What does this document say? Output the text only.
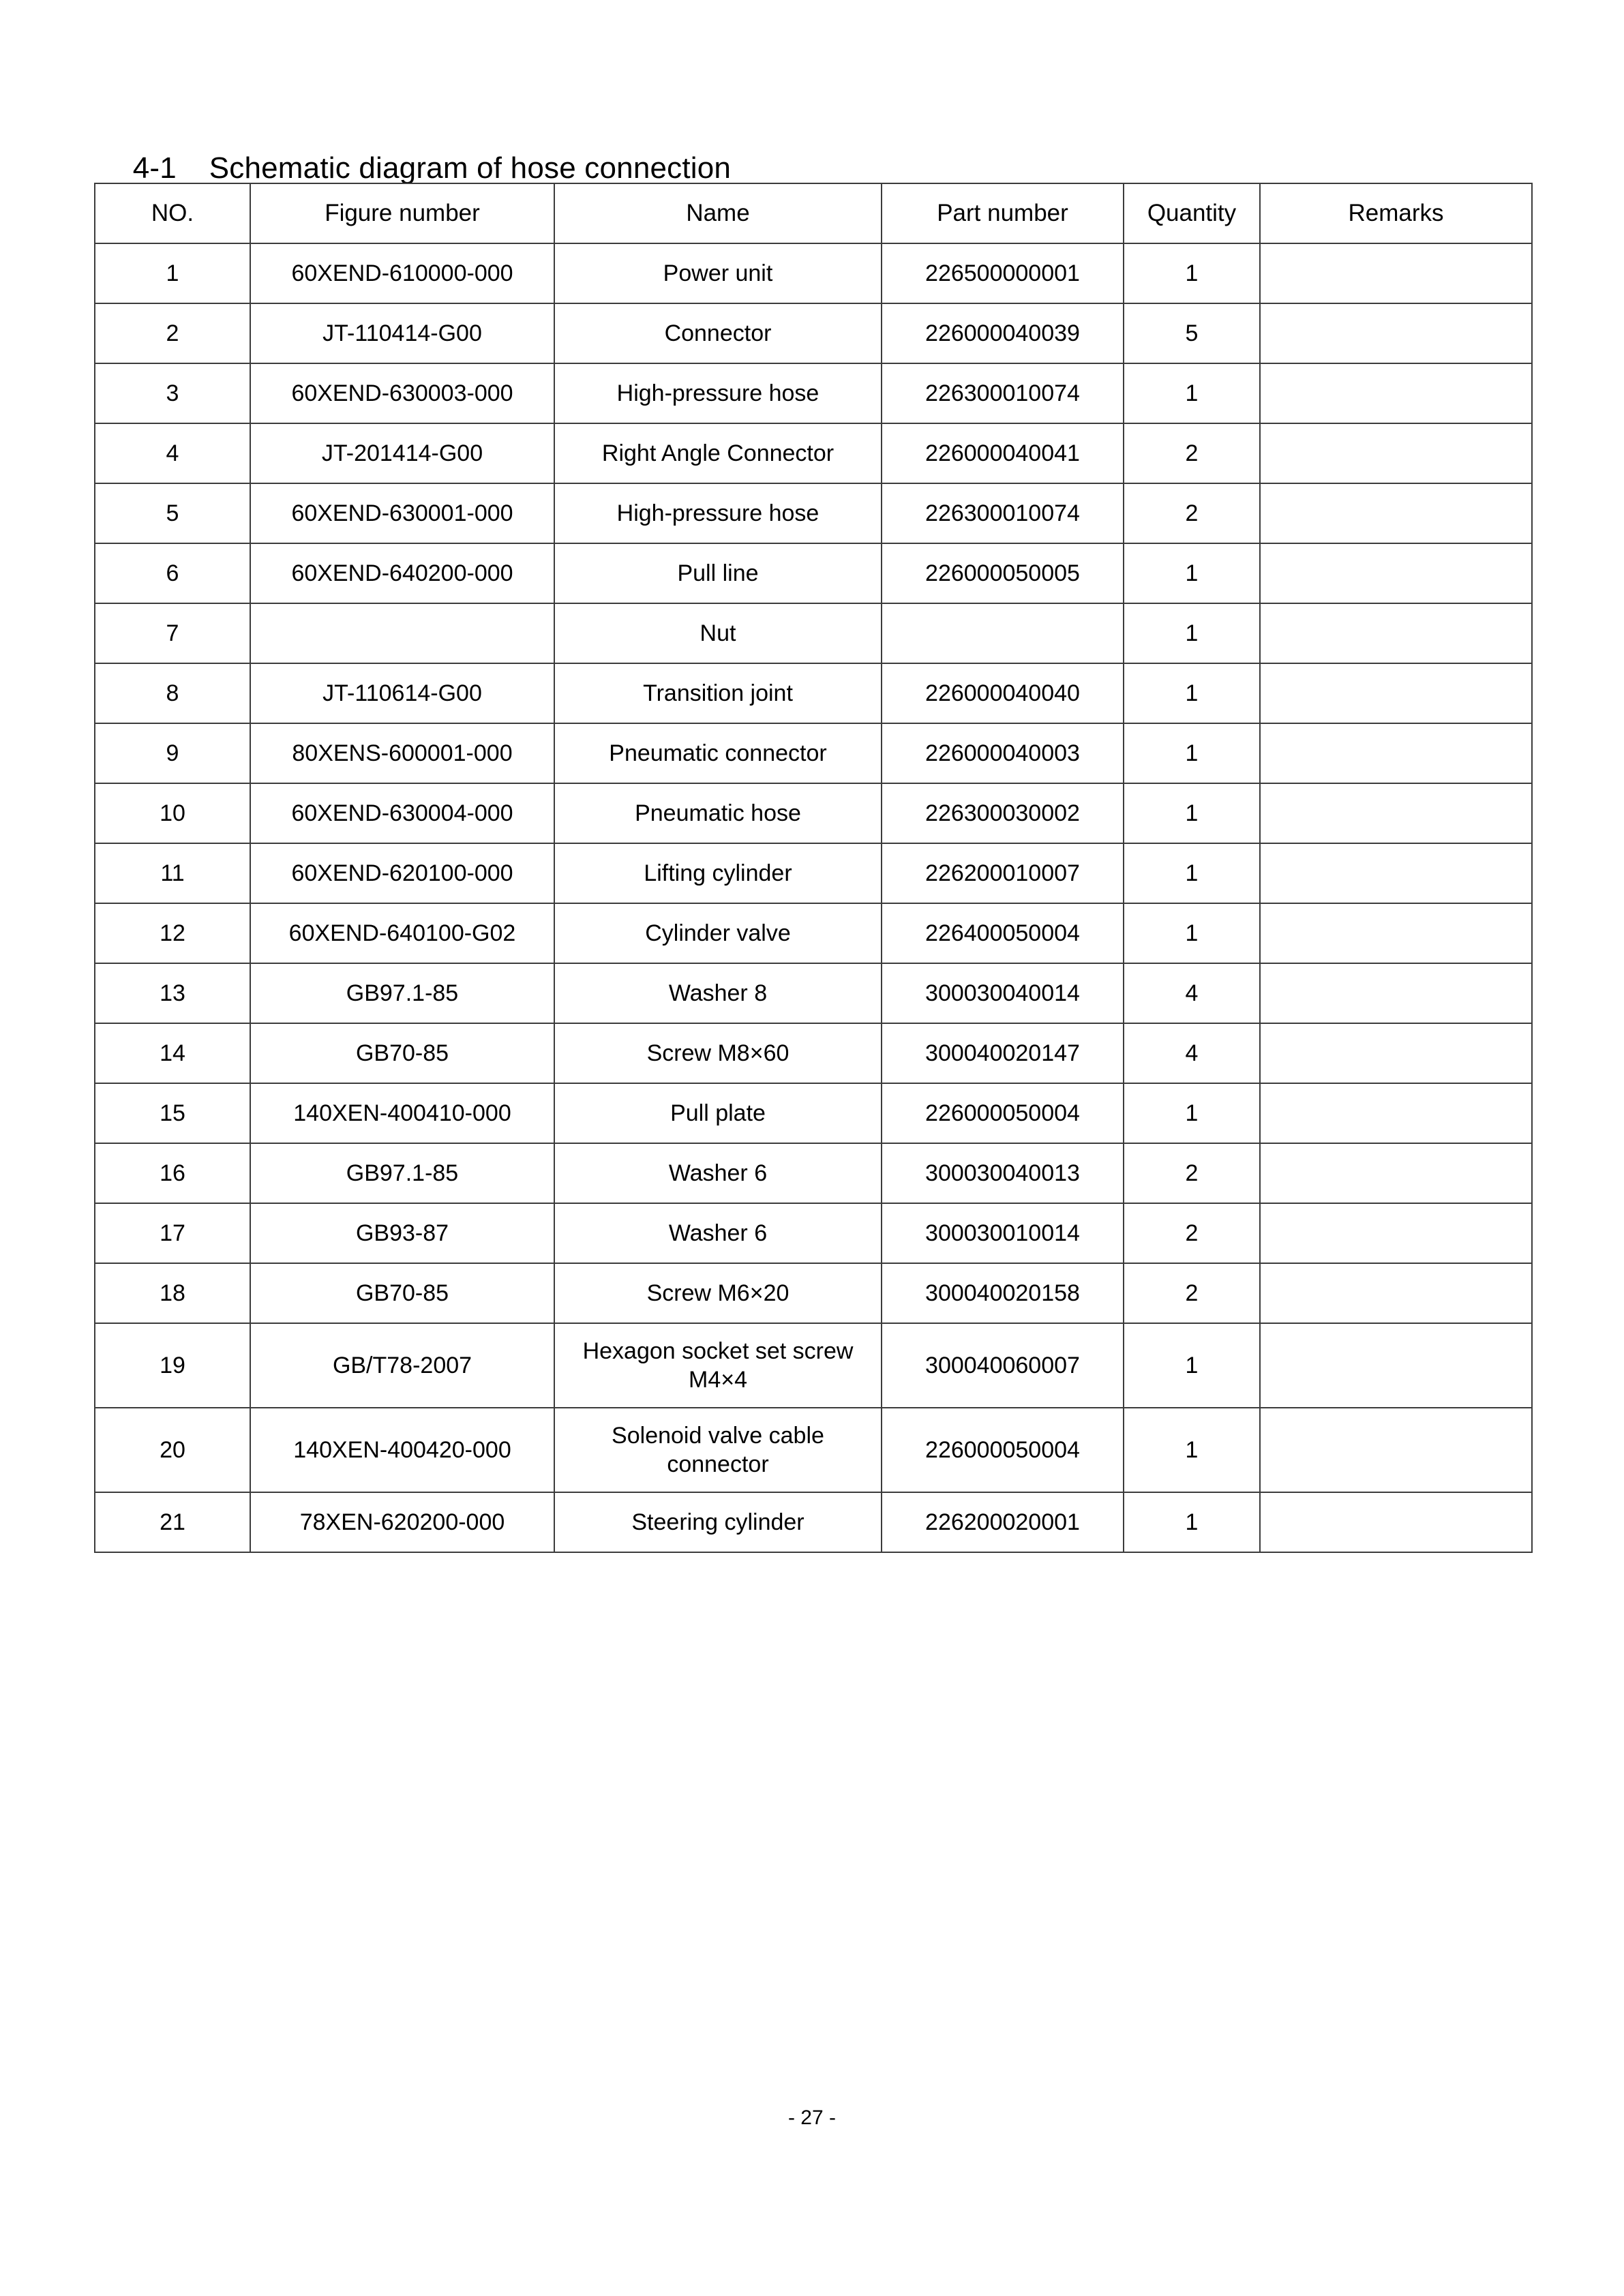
4-1 Schematic diagram of hose connection

NO.	Figure number	Name	Part number	Quantity	Remarks
1	60XEND-610000-000	Power unit	226500000001	1	
2	JT-110414-G00	Connector	226000040039	5	
3	60XEND-630003-000	High-pressure hose	226300010074	1	
4	JT-201414-G00	Right Angle Connector	226000040041	2	
5	60XEND-630001-000	High-pressure hose	226300010074	2	
6	60XEND-640200-000	Pull line	226000050005	1	
7		Nut		1	
8	JT-110614-G00	Transition joint	226000040040	1	
9	80XENS-600001-000	Pneumatic connector	226000040003	1	
10	60XEND-630004-000	Pneumatic hose	226300030002	1	
11	60XEND-620100-000	Lifting cylinder	226200010007	1	
12	60XEND-640100-G02	Cylinder valve	226400050004	1	
13	GB97.1-85	Washer 8	300030040014	4	
14	GB70-85	Screw M8×60	300040020147	4	
15	140XEN-400410-000	Pull plate	226000050004	1	
16	GB97.1-85	Washer 6	300030040013	2	
17	GB93-87	Washer 6	300030010014	2	
18	GB70-85	Screw M6×20	300040020158	2	
19	GB/T78-2007	Hexagon socket set screw M4×4	300040060007	1	
20	140XEN-400420-000	Solenoid valve cable connector	226000050004	1	
21	78XEN-620200-000	Steering cylinder	226200020001	1	
- 27 -
